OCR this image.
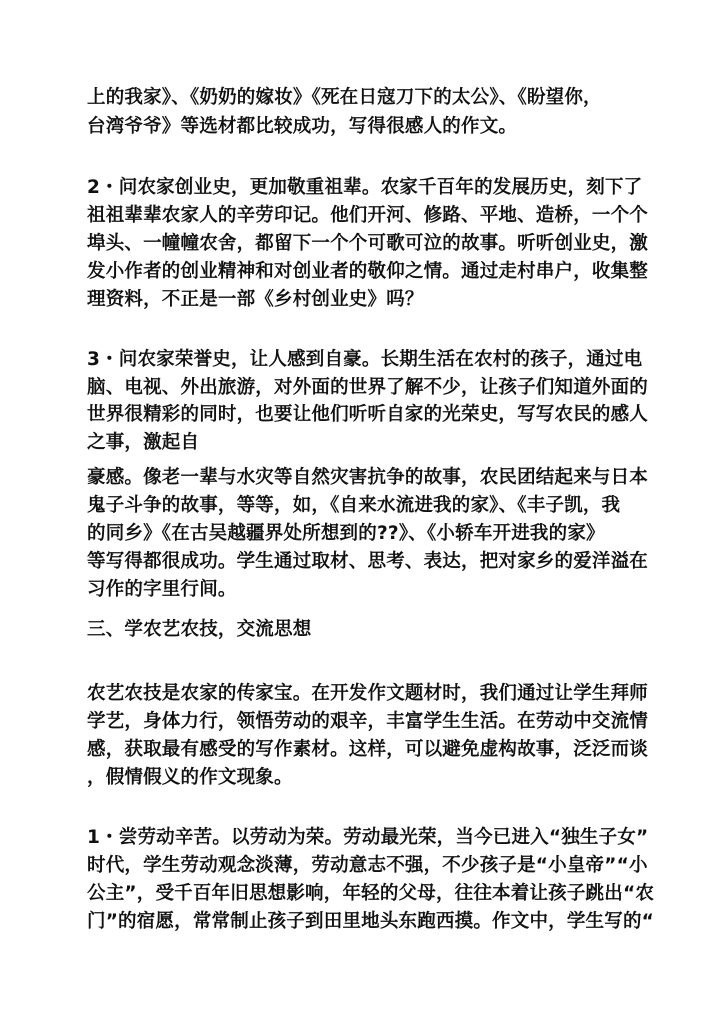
上的我家》、《奶奶的嫁妆》《死在日寇刀下的太公》、《盼望你，
台湾爷爷》等选材都比较成功，写得很感人的作文。
2・问农家创业史，更加敬重祖辈。农家千百年的发展历史，刻下了
祖祖辈辈农家人的辛劳印记。他们开河、修路、平地、造桥，一个个
埠头、一幢幢农舍，都留下一个个可歌可泣的故事。听听创业史，激
发小作者的创业精神和对创业者的敬仰之情。通过走村串户，收集整
理资料，不正是一部《乡村创业史》吗？
3・问农家荣誉史，让人感到自豪。长期生活在农村的孩子，通过电
脑、电视、外出旅游，对外面的世界了解不少，让孩子们知道外面的
世界很精彩的同时，也要让他们听听自家的光荣史，写写农民的感人
之事，激起自
豪感。像老一辈与水灾等自然灾害抗争的故事，农民团结起来与日本
鬼子斗争的故事，等等，如，《自来水流进我的家》、《丰子凯，我
的同乡》《在古吴越疆界处所想到的??》、《小轿车开进我的家》
等写得都很成功。学生通过取材、思考、表达，把对家乡的爱洋溢在
习作的字里行间。
三、学农艺农技，交流思想
农艺农技是农家的传家宝。在开发作文题材时，我们通过让学生拜师
学艺，身体力行，领悟劳动的艰辛，丰富学生生活。在劳动中交流情
感，获取最有感受的写作素材。这样，可以避免虚构故事，泛泛而谈
，假情假义的作文现象。
1・尝劳动辛苦。以劳动为荣。劳动最光荣，当今已进入“独生子女”
时代，学生劳动观念淡薄，劳动意志不强，不少孩子是“小皇帝”“小
公主”，受千百年旧思想影响，年轻的父母，往往本着让孩子跳出“农
门”的宿愿，常常制止孩子到田里地头东跑西摸。作文中，学生写的“
